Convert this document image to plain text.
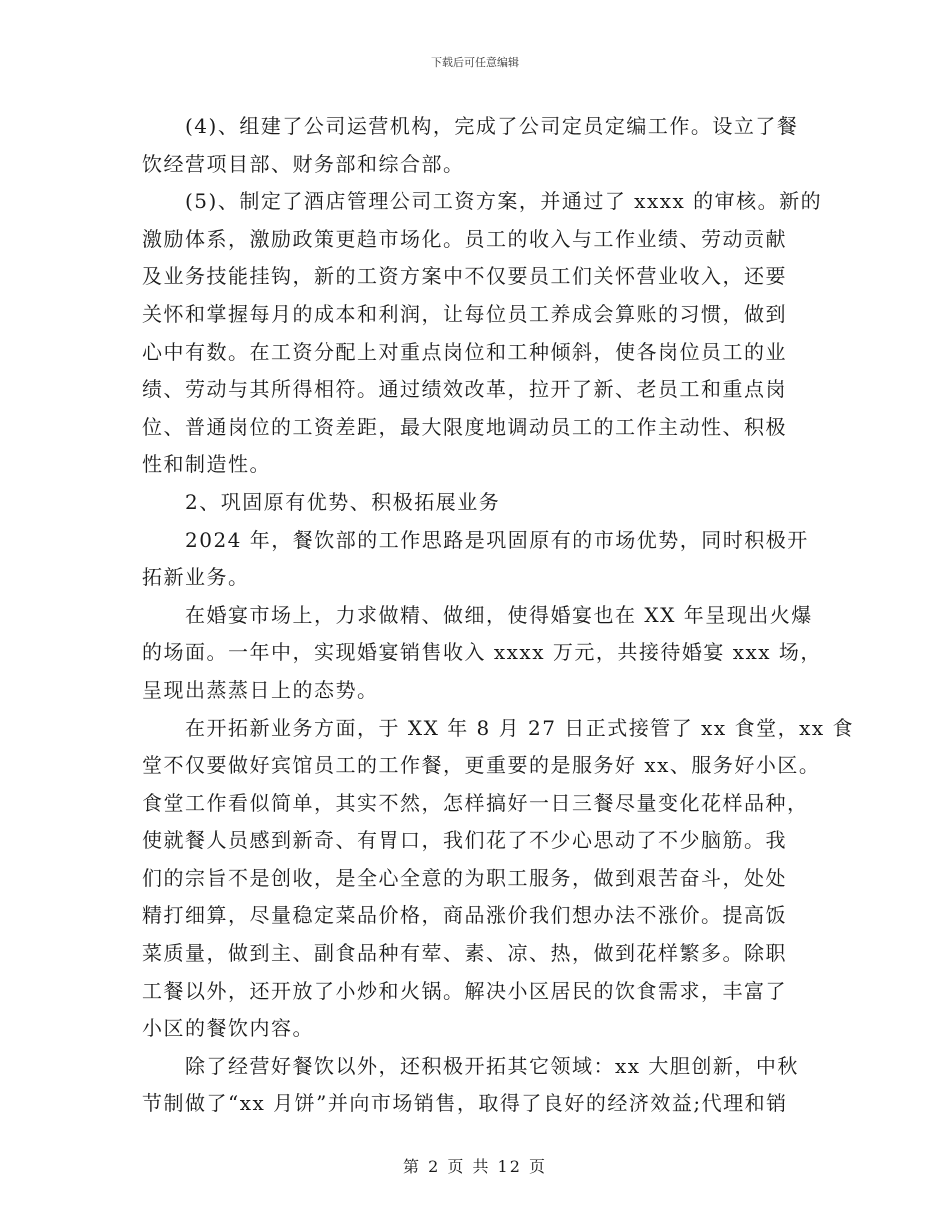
下载后可任意编辑
(4)、组建了公司运营机构，完成了公司定员定编工作。设立了餐
饮经营项目部、财务部和综合部。
(5)、制定了酒店管理公司工资方案，并通过了 xxxx 的审核。新的
激励体系，激励政策更趋市场化。员工的收入与工作业绩、劳动贡献
及业务技能挂钩，新的工资方案中不仅要员工们关怀营业收入，还要
关怀和掌握每月的成本和利润，让每位员工养成会算账的习惯，做到
心中有数。在工资分配上对重点岗位和工种倾斜，使各岗位员工的业
绩、劳动与其所得相符。通过绩效改革，拉开了新、老员工和重点岗
位、普通岗位的工资差距，最大限度地调动员工的工作主动性、积极
性和制造性。
2、巩固原有优势、积极拓展业务
2024 年，餐饮部的工作思路是巩固原有的市场优势，同时积极开
拓新业务。
在婚宴市场上，力求做精、做细，使得婚宴也在 XX 年呈现出火爆
的场面。一年中，实现婚宴销售收入 xxxx 万元，共接待婚宴 xxx 场，
呈现出蒸蒸日上的态势。
在开拓新业务方面，于 XX 年 8 月 27 日正式接管了 xx 食堂，xx 食
堂不仅要做好宾馆员工的工作餐，更重要的是服务好 xx、服务好小区。
食堂工作看似简单，其实不然，怎样搞好一日三餐尽量变化花样品种，
使就餐人员感到新奇、有胃口，我们花了不少心思动了不少脑筋。我
们的宗旨不是创收，是全心全意的为职工服务，做到艰苦奋斗，处处
精打细算，尽量稳定菜品价格，商品涨价我们想办法不涨价。提高饭
菜质量，做到主、副食品种有荤、素、凉、热，做到花样繁多。除职
工餐以外，还开放了小炒和火锅。解决小区居民的饮食需求，丰富了
小区的餐饮内容。
除了经营好餐饮以外，还积极开拓其它领域：xx 大胆创新，中秋
节制做了“xx 月饼”并向市场销售，取得了良好的经济效益;代理和销
第 2 页 共 12 页
